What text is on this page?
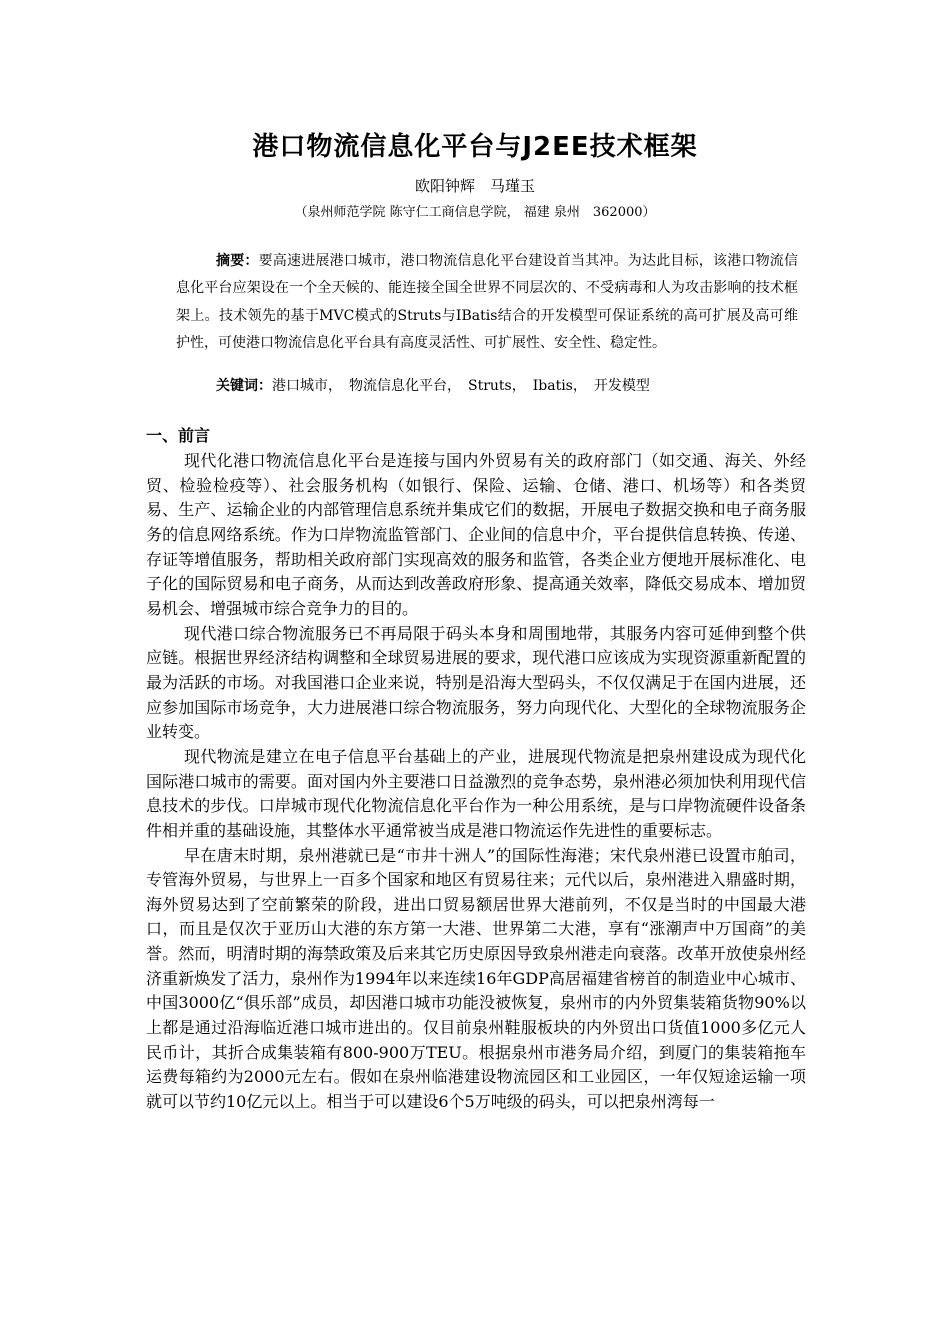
港口物流信息化平台与J2EE技术框架
欧阳钟辉　马瑾玉
（泉州师范学院 陈守仁工商信息学院， 福建 泉州　362000）
摘要：要高速进展港口城市，港口物流信息化平台建设首当其冲。为达此目标，该港口物流信息化平台应架设在一个全天候的、能连接全国全世界不同层次的、不受病毒和人为攻击影响的技术框架上。技术领先的基于MVC模式的Struts与IBatis结合的开发模型可保证系统的高可扩展及高可维护性，可使港口物流信息化平台具有高度灵活性、可扩展性、安全性、稳定性。
关键词：港口城市，　物流信息化平台，　Struts，　Ibatis，　开发模型
一、前言

现代化港口物流信息化平台是连接与国内外贸易有关的政府部门（如交通、海关、外经贸、检验检疫等）、社会服务机构（如银行、保险、运输、仓储、港口、机场等）和各类贸易、生产、运输企业的内部管理信息系统并集成它们的数据，开展电子数据交换和电子商务服务的信息网络系统。作为口岸物流监管部门、企业间的信息中介，平台提供信息转换、传递、存证等增值服务，帮助相关政府部门实现高效的服务和监管，各类企业方便地开展标准化、电子化的国际贸易和电子商务，从而达到改善政府形象、提高通关效率，降低交易成本、增加贸易机会、增强城市综合竞争力的目的。

现代港口综合物流服务已不再局限于码头本身和周围地带，其服务内容可延伸到整个供应链。根据世界经济结构调整和全球贸易进展的要求，现代港口应该成为实现资源重新配置的最为活跃的市场。对我国港口企业来说，特别是沿海大型码头，不仅仅满足于在国内进展，还应参加国际市场竞争，大力进展港口综合物流服务，努力向现代化、大型化的全球物流服务企业转变。

现代物流是建立在电子信息平台基础上的产业，进展现代物流是把泉州建设成为现代化国际港口城市的需要。面对国内外主要港口日益激烈的竞争态势，泉州港必须加快利用现代信息技术的步伐。口岸城市现代化物流信息化平台作为一种公用系统，是与口岸物流硬件设备条件相并重的基础设施，其整体水平通常被当成是港口物流运作先进性的重要标志。

早在唐末时期，泉州港就已是“市井十洲人”的国际性海港；宋代泉州港已设置市舶司，专管海外贸易，与世界上一百多个国家和地区有贸易往来；元代以后，泉州港进入鼎盛时期，海外贸易达到了空前繁荣的阶段，进出口贸易额居世界大港前列，不仅是当时的中国最大港口，而且是仅次于亚历山大港的东方第一大港、世界第二大港，享有“涨潮声中万国商”的美誉。然而，明清时期的海禁政策及后来其它历史原因导致泉州港走向衰落。改革开放使泉州经济重新焕发了活力，泉州作为1994年以来连续16年GDP高居福建省榜首的制造业中心城市、中国3000亿“俱乐部”成员，却因港口城市功能没被恢复，泉州市的内外贸集装箱货物90%以上都是通过沿海临近港口城市进出的。仅目前泉州鞋服板块的内外贸出口货值1000多亿元人民币计，其折合成集装箱有800-900万TEU。根据泉州市港务局介绍，到厦门的集装箱拖车运费每箱约为2000元左右。假如在泉州临港建设物流园区和工业园区，一年仅短途运输一项就可以节约10亿元以上。相当于可以建设6个5万吨级的码头，可以把泉州湾每一
